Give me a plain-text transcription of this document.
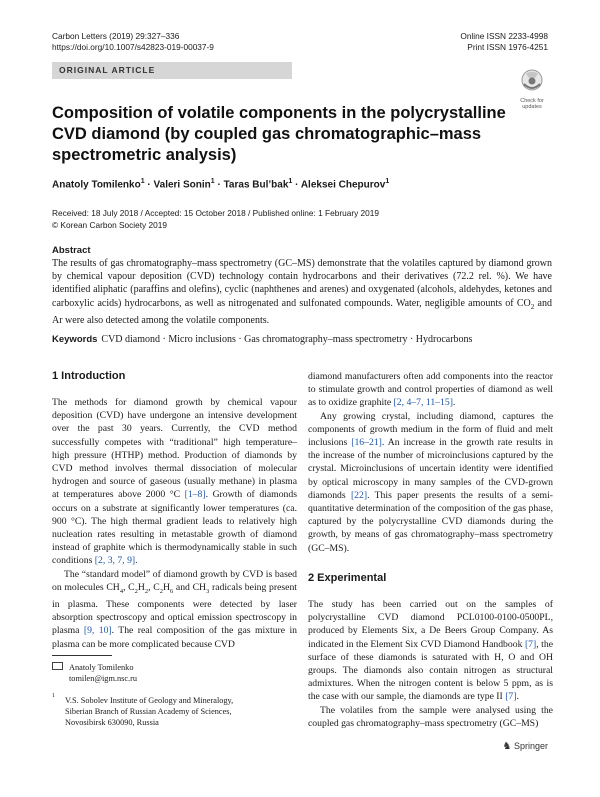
Carbon Letters (2019) 29:327–336
https://doi.org/10.1007/s42823-019-00037-9
Online ISSN 2233-4998
Print ISSN 1976-4251
ORIGINAL ARTICLE
Check for
updates
Composition of volatile components in the polycrystalline CVD diamond (by coupled gas chromatographic–mass spectrometric analysis)
Anatoly Tomilenko$^1$ · Valeri Sonin$^1$ · Taras Bul’bak$^1$ · Aleksei Chepurov$^1$
Received: 18 July 2018 / Accepted: 15 October 2018 / Published online: 1 February 2019
© Korean Carbon Society 2019
Abstract
The results of gas chromatography–mass spectrometry (GC–MS) demonstrate that the volatiles captured by diamond grown by chemical vapour deposition (CVD) technology contain hydrocarbons and their derivatives (72.2 rel. %). We have identified aliphatic (paraffins and olefins), cyclic (naphthenes and arenes) and oxygenated (alcohols, aldehydes, ketones and carboxylic acids) hydrocarbons, as well as nitrogenated and sulfonated compounds. Water, negligible amounts of $CO_2$ and Ar were also detected among the volatile components.
Keywords CVD diamond · Micro inclusions · Gas chromatography–mass spectrometry · Hydrocarbons
1 Introduction

The methods for diamond growth by chemical vapour deposition (CVD) have undergone an intensive development over the past 30 years. Currently, the CVD method successfully competes with “traditional” high temperature–high pressure (HTHP) method. Production of diamonds by CVD method involves thermal dissociation of molecular hydrogen and source of gaseous (usually methane) in plasma at temperatures above 2000 °C [1–8]. Growth of diamonds occurs on a substrate at significantly lower temperatures (ca. 900 °C). The high thermal gradient leads to relatively high nucleation rates resulting in metastable growth of diamond instead of graphite which is thermodynamically stable in such conditions [2, 3, 7, 9].

The “standard model” of diamond growth by CVD is based on molecules $CH_4$, $C_2H_2$, $C_2H_6$ and $CH_3$ radicals being present in plasma. These components were detected by laser absorption spectroscopy and optical emission spectroscopy in plasma [9, 10]. The real composition of the gas mixture in plasma can be more complicated because CVD

Anatoly Tomilenko
tomilen@igm.nsc.ru
$^1$ V.S. Sobolev Institute of Geology and Mineralogy,
Siberian Branch of Russian Academy of Sciences,
Novosibirsk 630090, Russia

diamond manufacturers often add components into the reactor to stimulate growth and control properties of diamond as well as to oxidize graphite [2, 4–7, 11–15].

Any growing crystal, including diamond, captures the components of growth medium in the form of fluid and melt inclusions [16–21]. An increase in the growth rate results in the increase of the number of microinclusions captured by the crystal. Microinclusions of uncertain identity were identified by optical microscopy in many samples of the CVD-grown diamonds [22]. This paper presents the results of a semi-quantitative determination of the composition of the gas phase, captured by the polycrystalline CVD diamonds during the growth, by means of gas chromatography–mass spectrometry (GC–MS).

2 Experimental

The study has been carried out on the samples of polycrystalline CVD diamond PCL0100-0100-0500PL, produced by Elements Six, a De Beers Group Company. As indicated in the Element Six CVD Diamond Handbook [7], the surface of these diamonds is saturated with H, O and OH groups. The diamonds also contain nitrogen as structural admixtures. When the nitrogen content is below 5 ppm, as is the case with our sample, the diamonds are type II [7].

The volatiles from the sample were analysed using the coupled gas chromatography–mass spectrometry (GC–MS)

♞ Springer
